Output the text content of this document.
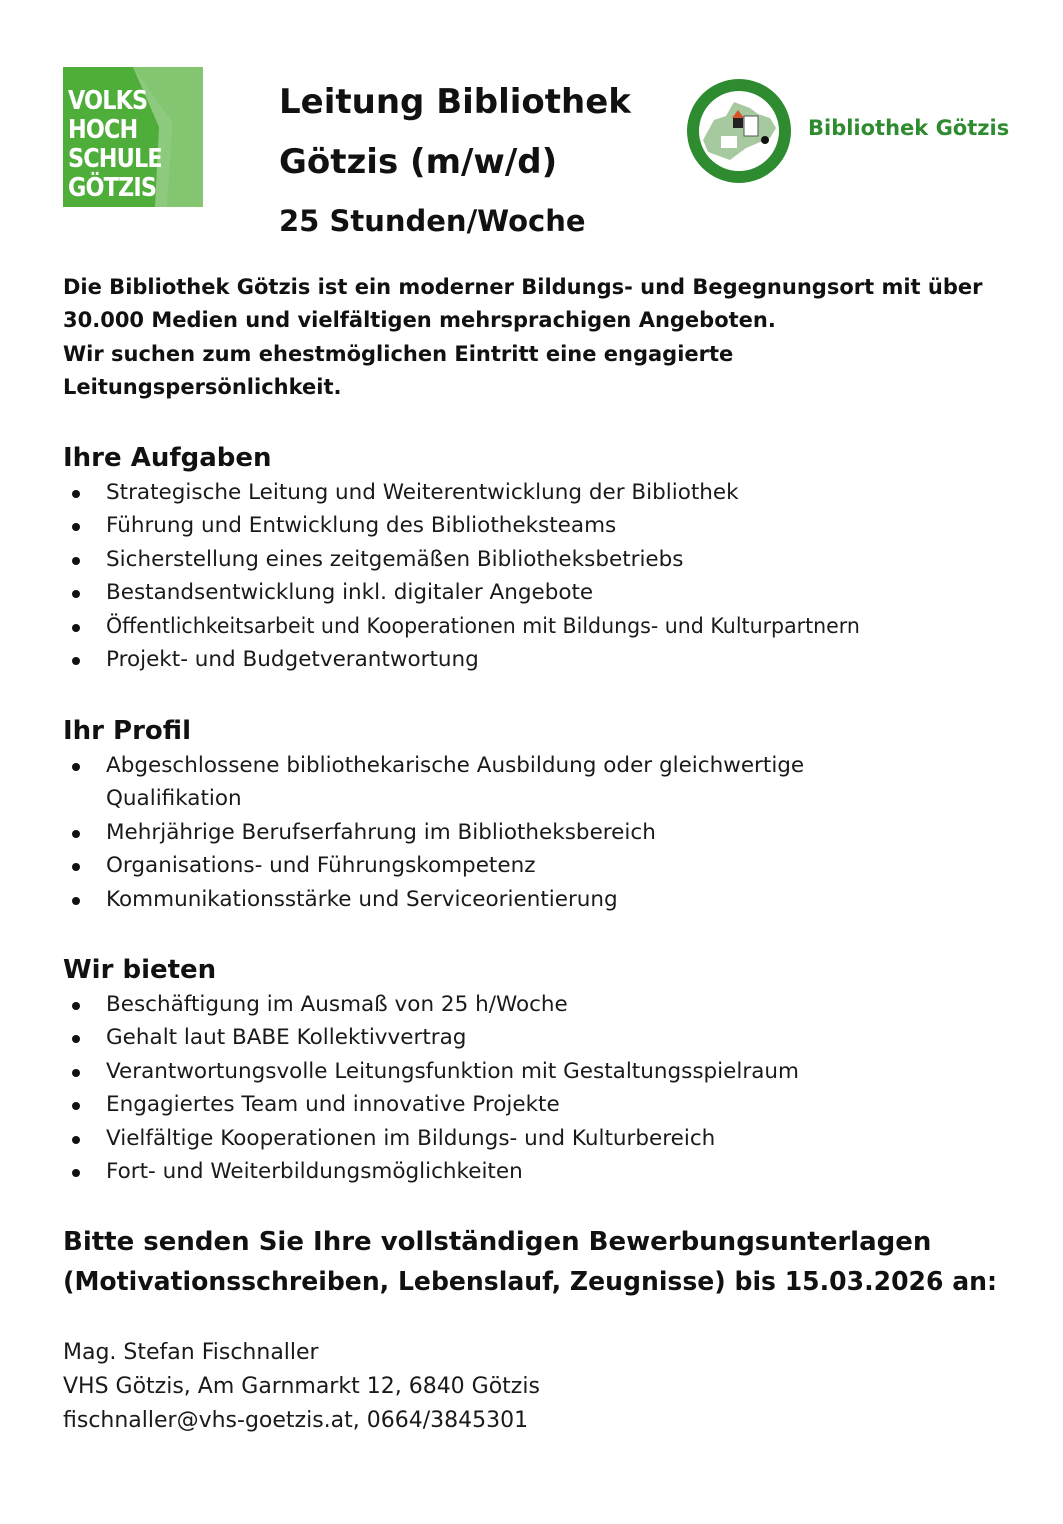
VOLKS
HOCH
SCHULE
GÖTZIS
Leitung Bibliothek
Götzis (m/w/d)
25 Stunden/Woche
Bibliothek Götzis
Die Bibliothek Götzis ist ein moderner Bildungs- und Begegnungsort mit über
30.000 Medien und vielfältigen mehrsprachigen Angeboten.
Wir suchen zum ehestmöglichen Eintritt eine engagierte
Leitungspersönlichkeit.
Ihre Aufgaben
Strategische Leitung und Weiterentwicklung der Bibliothek
Führung und Entwicklung des Bibliotheksteams
Sicherstellung eines zeitgemäßen Bibliotheksbetriebs
Bestandsentwicklung inkl. digitaler Angebote
Öffentlichkeitsarbeit und Kooperationen mit Bildungs- und Kulturpartnern
Projekt- und Budgetverantwortung
Ihr Profil
Abgeschlossene bibliothekarische Ausbildung oder gleichwertige Qualifikation
Mehrjährige Berufserfahrung im Bibliotheksbereich
Organisations- und Führungskompetenz
Kommunikationsstärke und Serviceorientierung
Wir bieten
Beschäftigung im Ausmaß von 25 h/Woche
Gehalt laut BABE Kollektivvertrag
Verantwortungsvolle Leitungsfunktion mit Gestaltungsspielraum
Engagiertes Team und innovative Projekte
Vielfältige Kooperationen im Bildungs- und Kulturbereich
Fort- und Weiterbildungsmöglichkeiten
Bitte senden Sie Ihre vollständigen Bewerbungsunterlagen
(Motivationsschreiben, Lebenslauf, Zeugnisse) bis 15.03.2026 an:
Mag. Stefan Fischnaller
VHS Götzis, Am Garnmarkt 12, 6840 Götzis
fischnaller@vhs-goetzis.at, 0664/3845301
